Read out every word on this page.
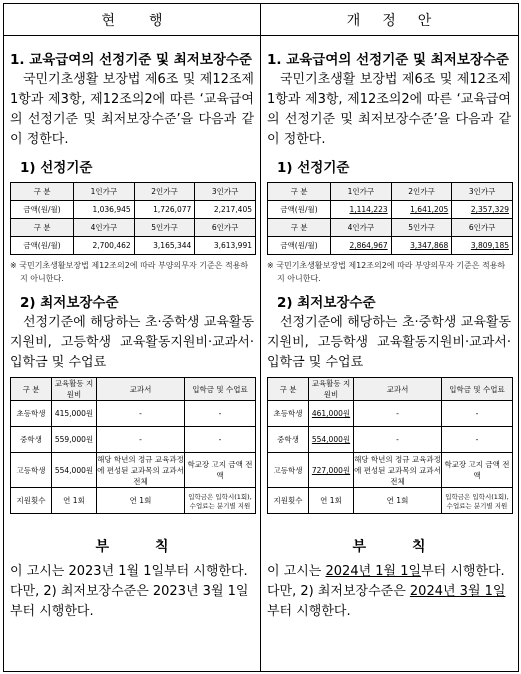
현행
1. 교육급여의 선정기준 및 최저보장수준
국민기초생활 보장법 제6조 및 제12조제1항과 제3항, 제12조의2에 따른 ‘교육급여의 선정기준 및 최저보장수준’을 다음과 같이 정한다.
1) 선정기준
구 분	1인가구	2인가구	3인가구
금액(원/월)	1,036,945	1,726,077	2,217,405
구 분	4인가구	5인가구	6인가구
금액(원/월)	2,700,462	3,165,344	3,613,991
※ 국민기초생활보장법 제12조의2에 따라 부양의무자 기준은 적용하지 아니한다.
2) 최저보장수준
선정기준에 해당하는 초·중학생 교육활동지원비, 고등학생 교육활동지원비·교과서·입학금 및 수업료
구 분	교육활동 지원비	교과서	입학금 및 수업료
초등학생	415,000원	-	-
중학생	559,000원	-	-
고등학생	554,000원	해당 학년의 정규 교육과정에 편성된 교과목의 교과서 전체	학교장 고지 금액 전액
지원횟수	연 1회	연 1회	입학금은 입학시(1회), 수업료는 분기별 지원
부칙
이 고시는 2023년 1월 1일부터 시행한다. 다만, 2) 최저보장수준은 2023년 3월 1일부터 시행한다.
개정안
1. 교육급여의 선정기준 및 최저보장수준
국민기초생활 보장법 제6조 및 제12조제1항과 제3항, 제12조의2에 따른 ‘교육급여의 선정기준 및 최저보장수준’을 다음과 같이 정한다.
1) 선정기준
구 분	1인가구	2인가구	3인가구
금액(원/월)	1,114,223	1,641,205	2,357,329
구 분	4인가구	5인가구	6인가구
금액(원/월)	2,864,967	3,347,868	3,809,185
※ 국민기초생활보장법 제12조의2에 따라 부양의무자 기준은 적용하지 아니한다.
2) 최저보장수준
선정기준에 해당하는 초·중학생 교육활동지원비, 고등학생 교육활동지원비·교과서·입학금 및 수업료
구 분	교육활동 지원비	교과서	입학금 및 수업료
초등학생	461,000원	-	-
중학생	554,000원	-	-
고등학생	727,000원	해당 학년의 정규 교육과정에 편성된 교과목의 교과서 전체	학교장 고지 금액 전액
지원횟수	연 1회	연 1회	입학금은 입학시(1회), 수업료는 분기별 지원
부칙
이 고시는 2024년 1월 1일부터 시행한다. 다만, 2) 최저보장수준은 2024년 3월 1일부터 시행한다.
